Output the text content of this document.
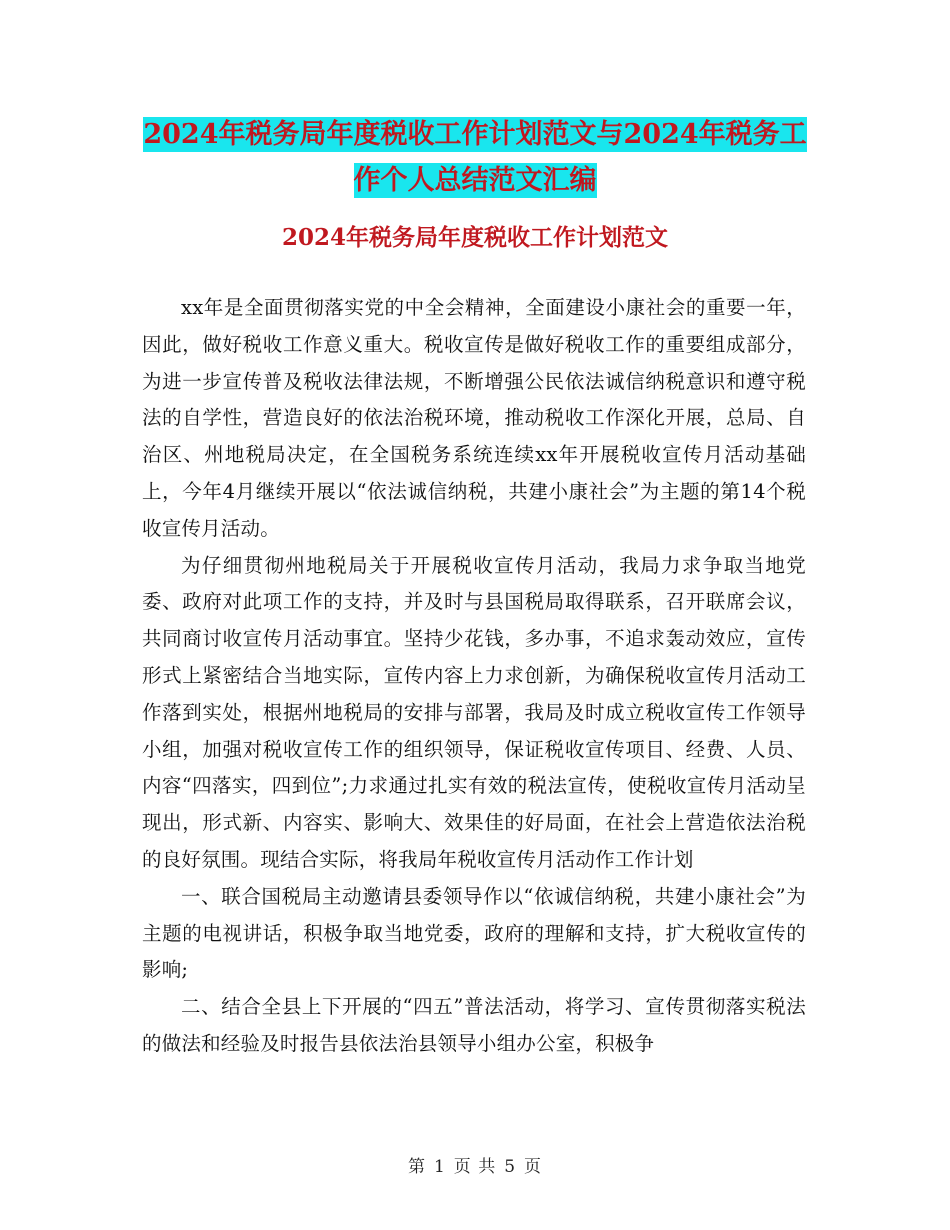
2024年税务局年度税收工作计划范文与2024年税务工
作个人总结范文汇编
2024年税务局年度税收工作计划范文

xx年是全面贯彻落实党的中全会精神，全面建设小康社会的重要一年，因此，做好税收工作意义重大。税收宣传是做好税收工作的重要组成部分，为进一步宣传普及税收法律法规，不断增强公民依法诚信纳税意识和遵守税法的自学性，营造良好的依法治税环境，推动税收工作深化开展，总局、自治区、州地税局决定，在全国税务系统连续xx年开展税收宣传月活动基础上，今年4月继续开展以“依法诚信纳税，共建小康社会”为主题的第14个税收宣传月活动。

为仔细贯彻州地税局关于开展税收宣传月活动，我局力求争取当地党委、政府对此项工作的支持，并及时与县国税局取得联系，召开联席会议，共同商讨收宣传月活动事宜。坚持少花钱，多办事，不追求轰动效应，宣传形式上紧密结合当地实际，宣传内容上力求创新，为确保税收宣传月活动工作落到实处，根据州地税局的安排与部署，我局及时成立税收宣传工作领导小组，加强对税收宣传工作的组织领导，保证税收宣传项目、经费、人员、内容“四落实，四到位”;力求通过扎实有效的税法宣传，使税收宣传月活动呈现出，形式新、内容实、影响大、效果佳的好局面，在社会上营造依法治税的良好氛围。现结合实际，将我局年税收宣传月活动作工作计划

一、联合国税局主动邀请县委领导作以“依诚信纳税，共建小康社会”为主题的电视讲话，积极争取当地党委，政府的理解和支持，扩大税收宣传的影响;

二、结合全县上下开展的“四五”普法活动，将学习、宣传贯彻落实税法的做法和经验及时报告县依法治县领导小组办公室，积极争

第 1 页 共 5 页
